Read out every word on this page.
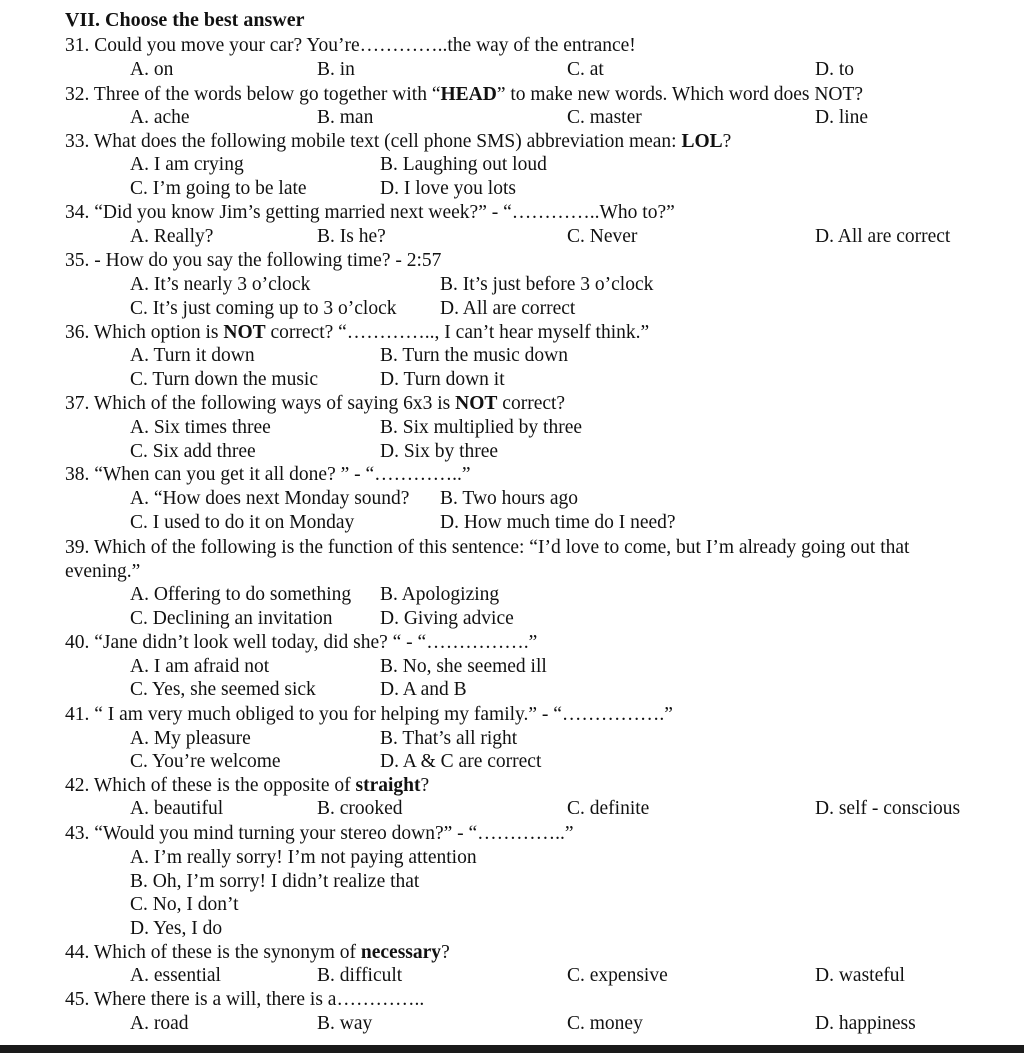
VII. Choose the best answer
31. Could you move your car? You’re…………..the way of the entrance!
A. on	B. in	C. at	D. to
32. Three of the words below go together with “HEAD” to make new words. Which word does NOT?
A. ache	B. man	C. master	D. line
33. What does the following mobile text (cell phone SMS) abbreviation mean: LOL?
A. I am crying	B. Laughing out loud
C. I’m going to be late	D. I love you lots
34. “Did you know Jim’s getting married next week?” - “…………..Who to?”
A. Really?	B. Is he?	C. Never	D. All are correct
35. - How do you say the following time? - 2:57
A. It’s nearly 3 o’clock	B. It’s just before 3 o’clock
C. It’s just coming up to 3 o’clock D. All are correct
36. Which option is NOT correct? “………….., I can’t hear myself think.”
A. Turn it down	B. Turn the music down
C. Turn down the music	D. Turn down it
37. Which of the following ways of saying 6x3 is NOT correct?
A. Six times three	B. Six multiplied by three
C. Six add three	D. Six by three
38. “When can you get it all done? ” - “…………..”
A. “How does next Monday sound? B. Two hours ago
C. I used to do it on Monday	D. How much time do I need?
39. Which of the following is the function of this sentence: “I’d love to come, but I’m already going out that
evening.”
A. Offering to do something B. Apologizing
C. Declining an invitation D. Giving advice
40. “Jane didn’t look well today, did she? “ - “…………….”
A. I am afraid not	B. No, she seemed ill
C. Yes, she seemed sick	D. A and B
41. “ I am very much obliged to you for helping my family.” - “…………….”
A. My pleasure	B. That’s all right
C. You’re welcome	D. A & C are correct
42. Which of these is the opposite of straight?
A. beautiful	B. crooked	C. definite	D. self - conscious
43. “Would you mind turning your stereo down?” - “…………..”
A. I’m really sorry! I’m not paying attention
B. Oh, I’m sorry! I didn’t realize that
C. No, I don’t
D. Yes, I do
44. Which of these is the synonym of necessary?
A. essential	B. difficult	C. expensive	D. wasteful
45. Where there is a will, there is a…………..
A. road	B. way	C. money	D. happiness
